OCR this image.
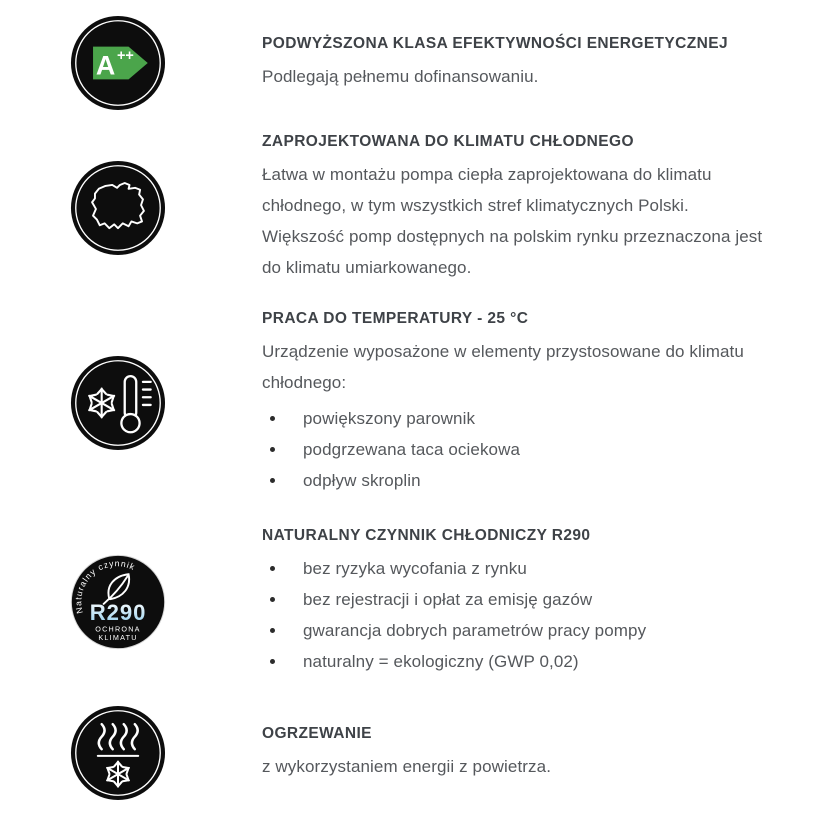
A ++
PODWYŻSZONA KLASA EFEKTYWNOŚCI ENERGETYCZNEJ

Podlegają pełnemu dofinansowaniu.

ZAPROJEKTOWANA DO KLIMATU CHŁODNEGO

Łatwa w montażu pompa ciepła zaprojektowana do klimatu chłodnego, w tym wszystkich stref klimatycznych Polski. Większość pomp dostępnych na polskim rynku przeznaczona jest do klimatu umiarkowanego.

PRACA DO TEMPERATURY - 25 °C

Urządzenie wyposażone w elementy przystosowane do klimatu chłodnego:

powiększony parownik
podgrzewana taca ociekowa
odpływ skroplin
Naturalny czynnik
R290
OCHRONA
KLIMATU
NATURALNY CZYNNIK CHŁODNICZY R290
bez ryzyka wycofania z rynku
bez rejestracji i opłat za emisję gazów
gwarancja dobrych parametrów pracy pompy
naturalny = ekologiczny (GWP 0,02)
OGRZEWANIE

z wykorzystaniem energii z powietrza.
